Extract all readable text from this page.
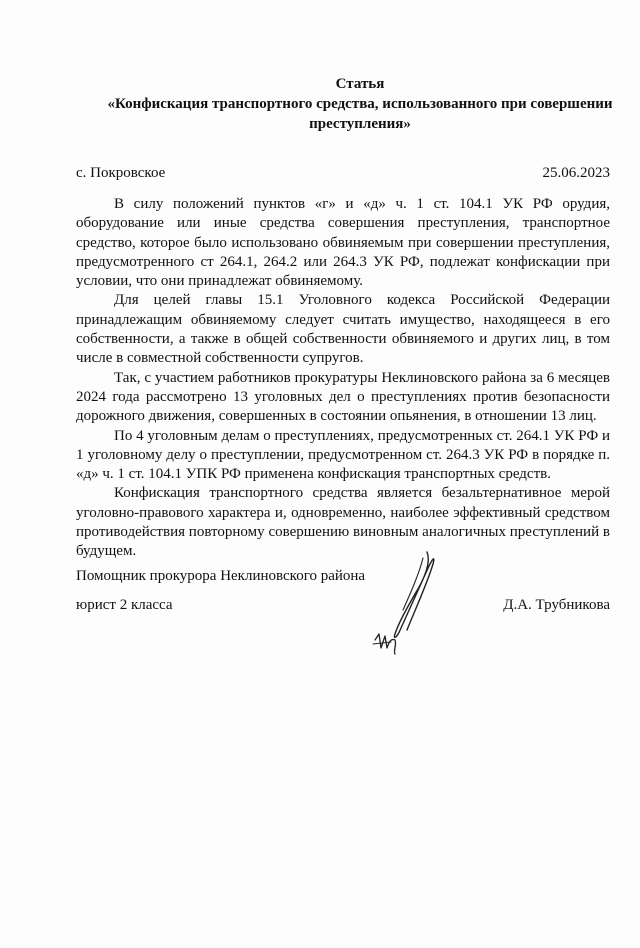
Статья
«Конфискация транспортного средства, использованного при совершении
преступления»
с. Покровское	25.06.2023

В силу положений пунктов «г» и «д» ч. 1 ст. 104.1 УК РФ орудия, оборудование или иные средства совершения преступления, транспортное средство, которое было использовано обвиняемым при совершении преступления, предусмотренного ст 264.1, 264.2 или 264.3 УК РФ, подлежат конфискации при условии, что они принадлежат обвиняемому.

Для целей главы 15.1 Уголовного кодекса Российской Федерации принадлежащим обвиняемому следует считать имущество, находящееся в его собственности, а также в общей собственности обвиняемого и других лиц, в том числе в совместной собственности супругов.

Так, с участием работников прокуратуры Неклиновского района за 6 месяцев 2024 года рассмотрено 13 уголовных дел о преступлениях против безопасности дорожного движения, совершенных в состоянии опьянения, в отношении 13 лиц.

По 4 уголовным делам о преступлениях, предусмотренных ст. 264.1 УК РФ и 1 уголовному делу о преступлении, предусмотренном ст. 264.3 УК РФ в порядке п. «д» ч. 1 ст. 104.1 УПК РФ применена конфискация транспортных средств.

Конфискация транспортного средства является безальтернативное мерой уголовно-правового характера и, одновременно, наиболее эффективный средством противодействия повторному совершению виновным аналогичных преступлений в будущем.

Помощник прокурора Неклиновского района
юрист 2 класса	Д.А. Трубникова
